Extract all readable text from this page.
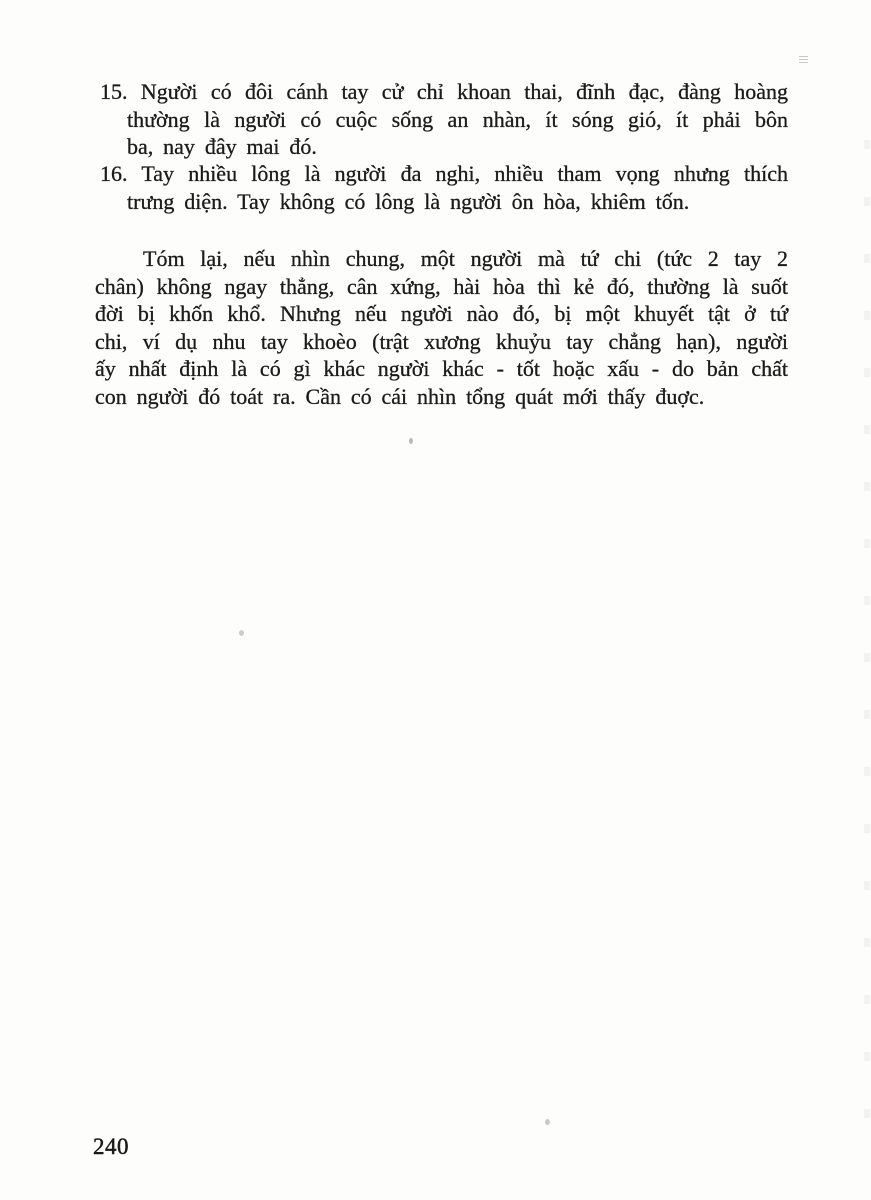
15. Người có đôi cánh tay cử chỉ khoan thai, đĩnh đạc, đàng hoàng
thường là người có cuộc sống an nhàn, ít sóng gió, ít phải bôn
ba, nay đây mai đó.
16. Tay nhiều lông là người đa nghi, nhiều tham vọng nhưng thích
trưng diện. Tay không có lông là người ôn hòa, khiêm tốn.
Tóm lại, nếu nhìn chung, một người mà tứ chi (tức 2 tay 2
chân) không ngay thẳng, cân xứng, hài hòa thì kẻ đó, thường là suốt
đời bị khốn khổ. Nhưng nếu người nào đó, bị một khuyết tật ở tứ
chi, ví dụ nhu tay khoèo (trật xương khuỷu tay chẳng hạn), người
ấy nhất định là có gì khác người khác - tốt hoặc xấu - do bản chất
con người đó toát ra. Cần có cái nhìn tổng quát mới thấy đuợc.
240
